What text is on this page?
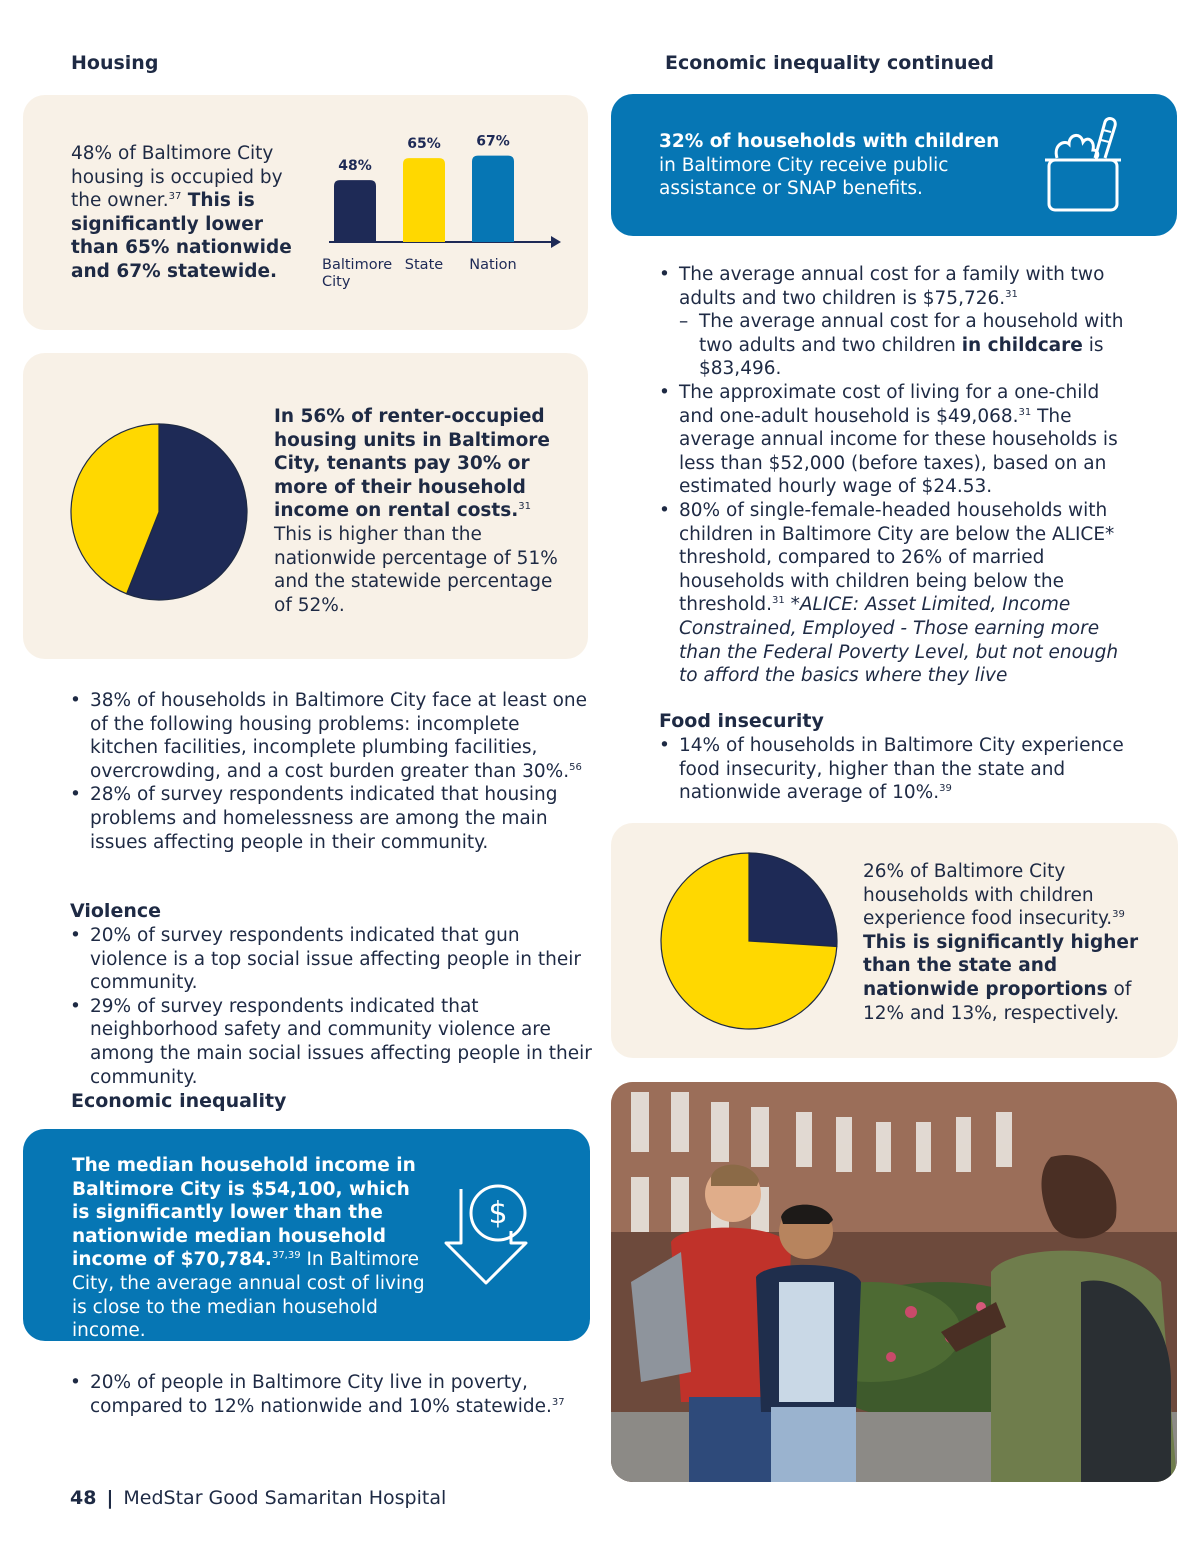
Housing
48% of Baltimore City housing is occupied by the owner.$^{37}$ This is significantly lower than 65% nationwide and 67% statewide.
48%
Baltimore City
65%
State
67%
Nation
In 56% of renter-occupied housing units in Baltimore City, tenants pay 30% or more of their household income on rental costs.$^{31}$ This is higher than the nationwide percentage of 51% and the statewide percentage of 52%.
• 38% of households in Baltimore City face at least one of the following housing problems: incomplete kitchen facilities, incomplete plumbing facilities, overcrowding, and a cost burden greater than 30%.$^{56}$
• 28% of survey respondents indicated that housing problems and homelessness are among the main issues affecting people in their community.
Violence
• 20% of survey respondents indicated that gun violence is a top social issue affecting people in their community.
• 29% of survey respondents indicated that neighborhood safety and community violence are among the main social issues affecting people in their community.
Economic inequality
The median household income in Baltimore City is $54,100, which is significantly lower than the nationwide median household income of $70,784.$^{37,39}$ In Baltimore City, the average annual cost of living is close to the median household income.
$
• 20% of people in Baltimore City live in poverty, compared to 12% nationwide and 10% statewide.$^{37}$
Economic inequality continued
32% of households with children
in Baltimore City receive public assistance or SNAP benefits.
• The average annual cost for a family with two adults and two children is $75,726.31
– The average annual cost for a household with two adults and two children in childcare is $83,496.
• The approximate cost of living for a one-child and one-adult household is $49,068.31 The average annual income for these households is less than $52,000 (before taxes), based on an estimated hourly wage of $24.53.
• 80% of single-female-headed households with children in Baltimore City are below the ALICE* threshold, compared to 26% of married households with children being below the threshold.$^{31}$ *ALICE: Asset Limited, Income Constrained, Employed - Those earning more than the Federal Poverty Level, but not enough to afford the basics where they live
Food insecurity
• 14% of households in Baltimore City experience food insecurity, higher than the state and nationwide average of 10%.$^{39}$
26% of Baltimore City households with children experience food insecurity.$^{39}$ This is significantly higher than the state and nationwide proportions of 12% and 13%, respectively.
48 | MedStar Good Samaritan Hospital
